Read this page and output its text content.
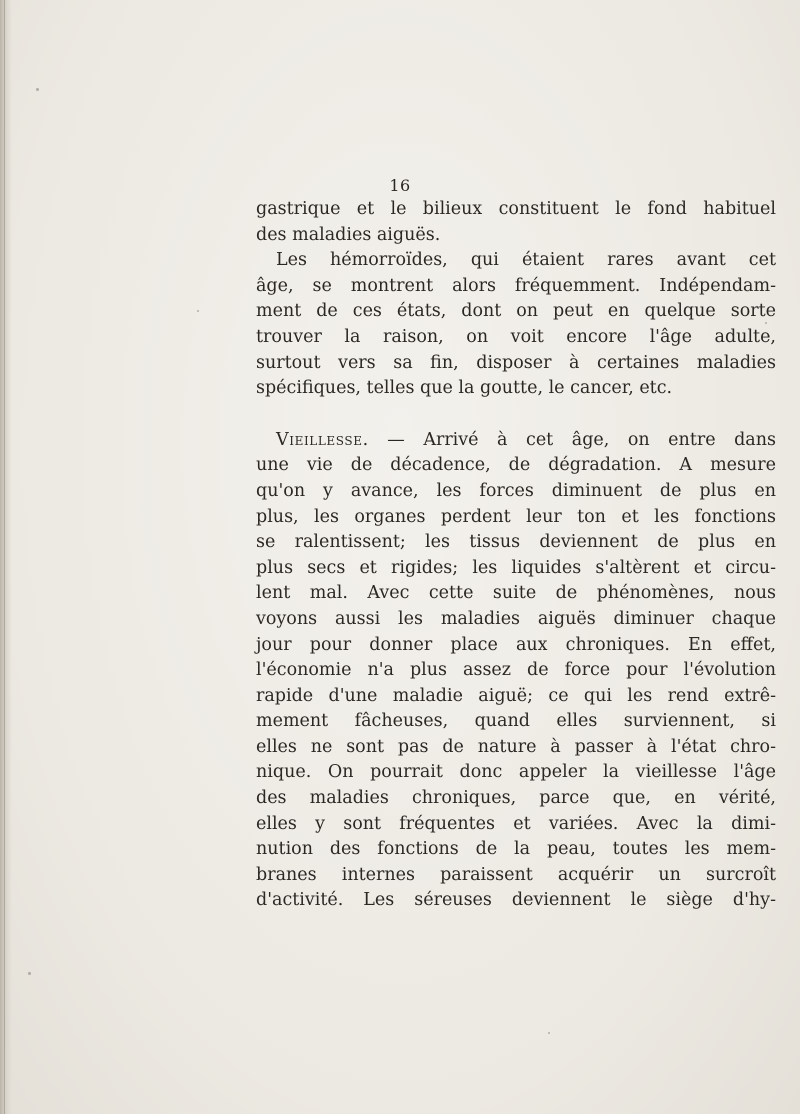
16
gastrique et le bilieux constituent le fond habituel
des maladies aiguës.
Les hémorroïdes, qui étaient rares avant cet
âge, se montrent alors fréquemment. Indépendam-
ment de ces états, dont on peut en quelque sorte
trouver la raison, on voit encore l'âge adulte,
surtout vers sa fin, disposer à certaines maladies
spécifiques, telles que la goutte, le cancer, etc.
Vieillesse. — Arrivé à cet âge, on entre dans
une vie de décadence, de dégradation. A mesure
qu'on y avance, les forces diminuent de plus en
plus, les organes perdent leur ton et les fonctions
se ralentissent; les tissus deviennent de plus en
plus secs et rigides; les liquides s'altèrent et circu-
lent mal. Avec cette suite de phénomènes, nous
voyons aussi les maladies aiguës diminuer chaque
jour pour donner place aux chroniques. En effet,
l'économie n'a plus assez de force pour l'évolution
rapide d'une maladie aiguë; ce qui les rend extrê-
mement fâcheuses, quand elles surviennent, si
elles ne sont pas de nature à passer à l'état chro-
nique. On pourrait donc appeler la vieillesse l'âge
des maladies chroniques, parce que, en vérité,
elles y sont fréquentes et variées. Avec la dimi-
nution des fonctions de la peau, toutes les mem-
branes internes paraissent acquérir un surcroît
d'activité. Les séreuses deviennent le siège d'hy-
